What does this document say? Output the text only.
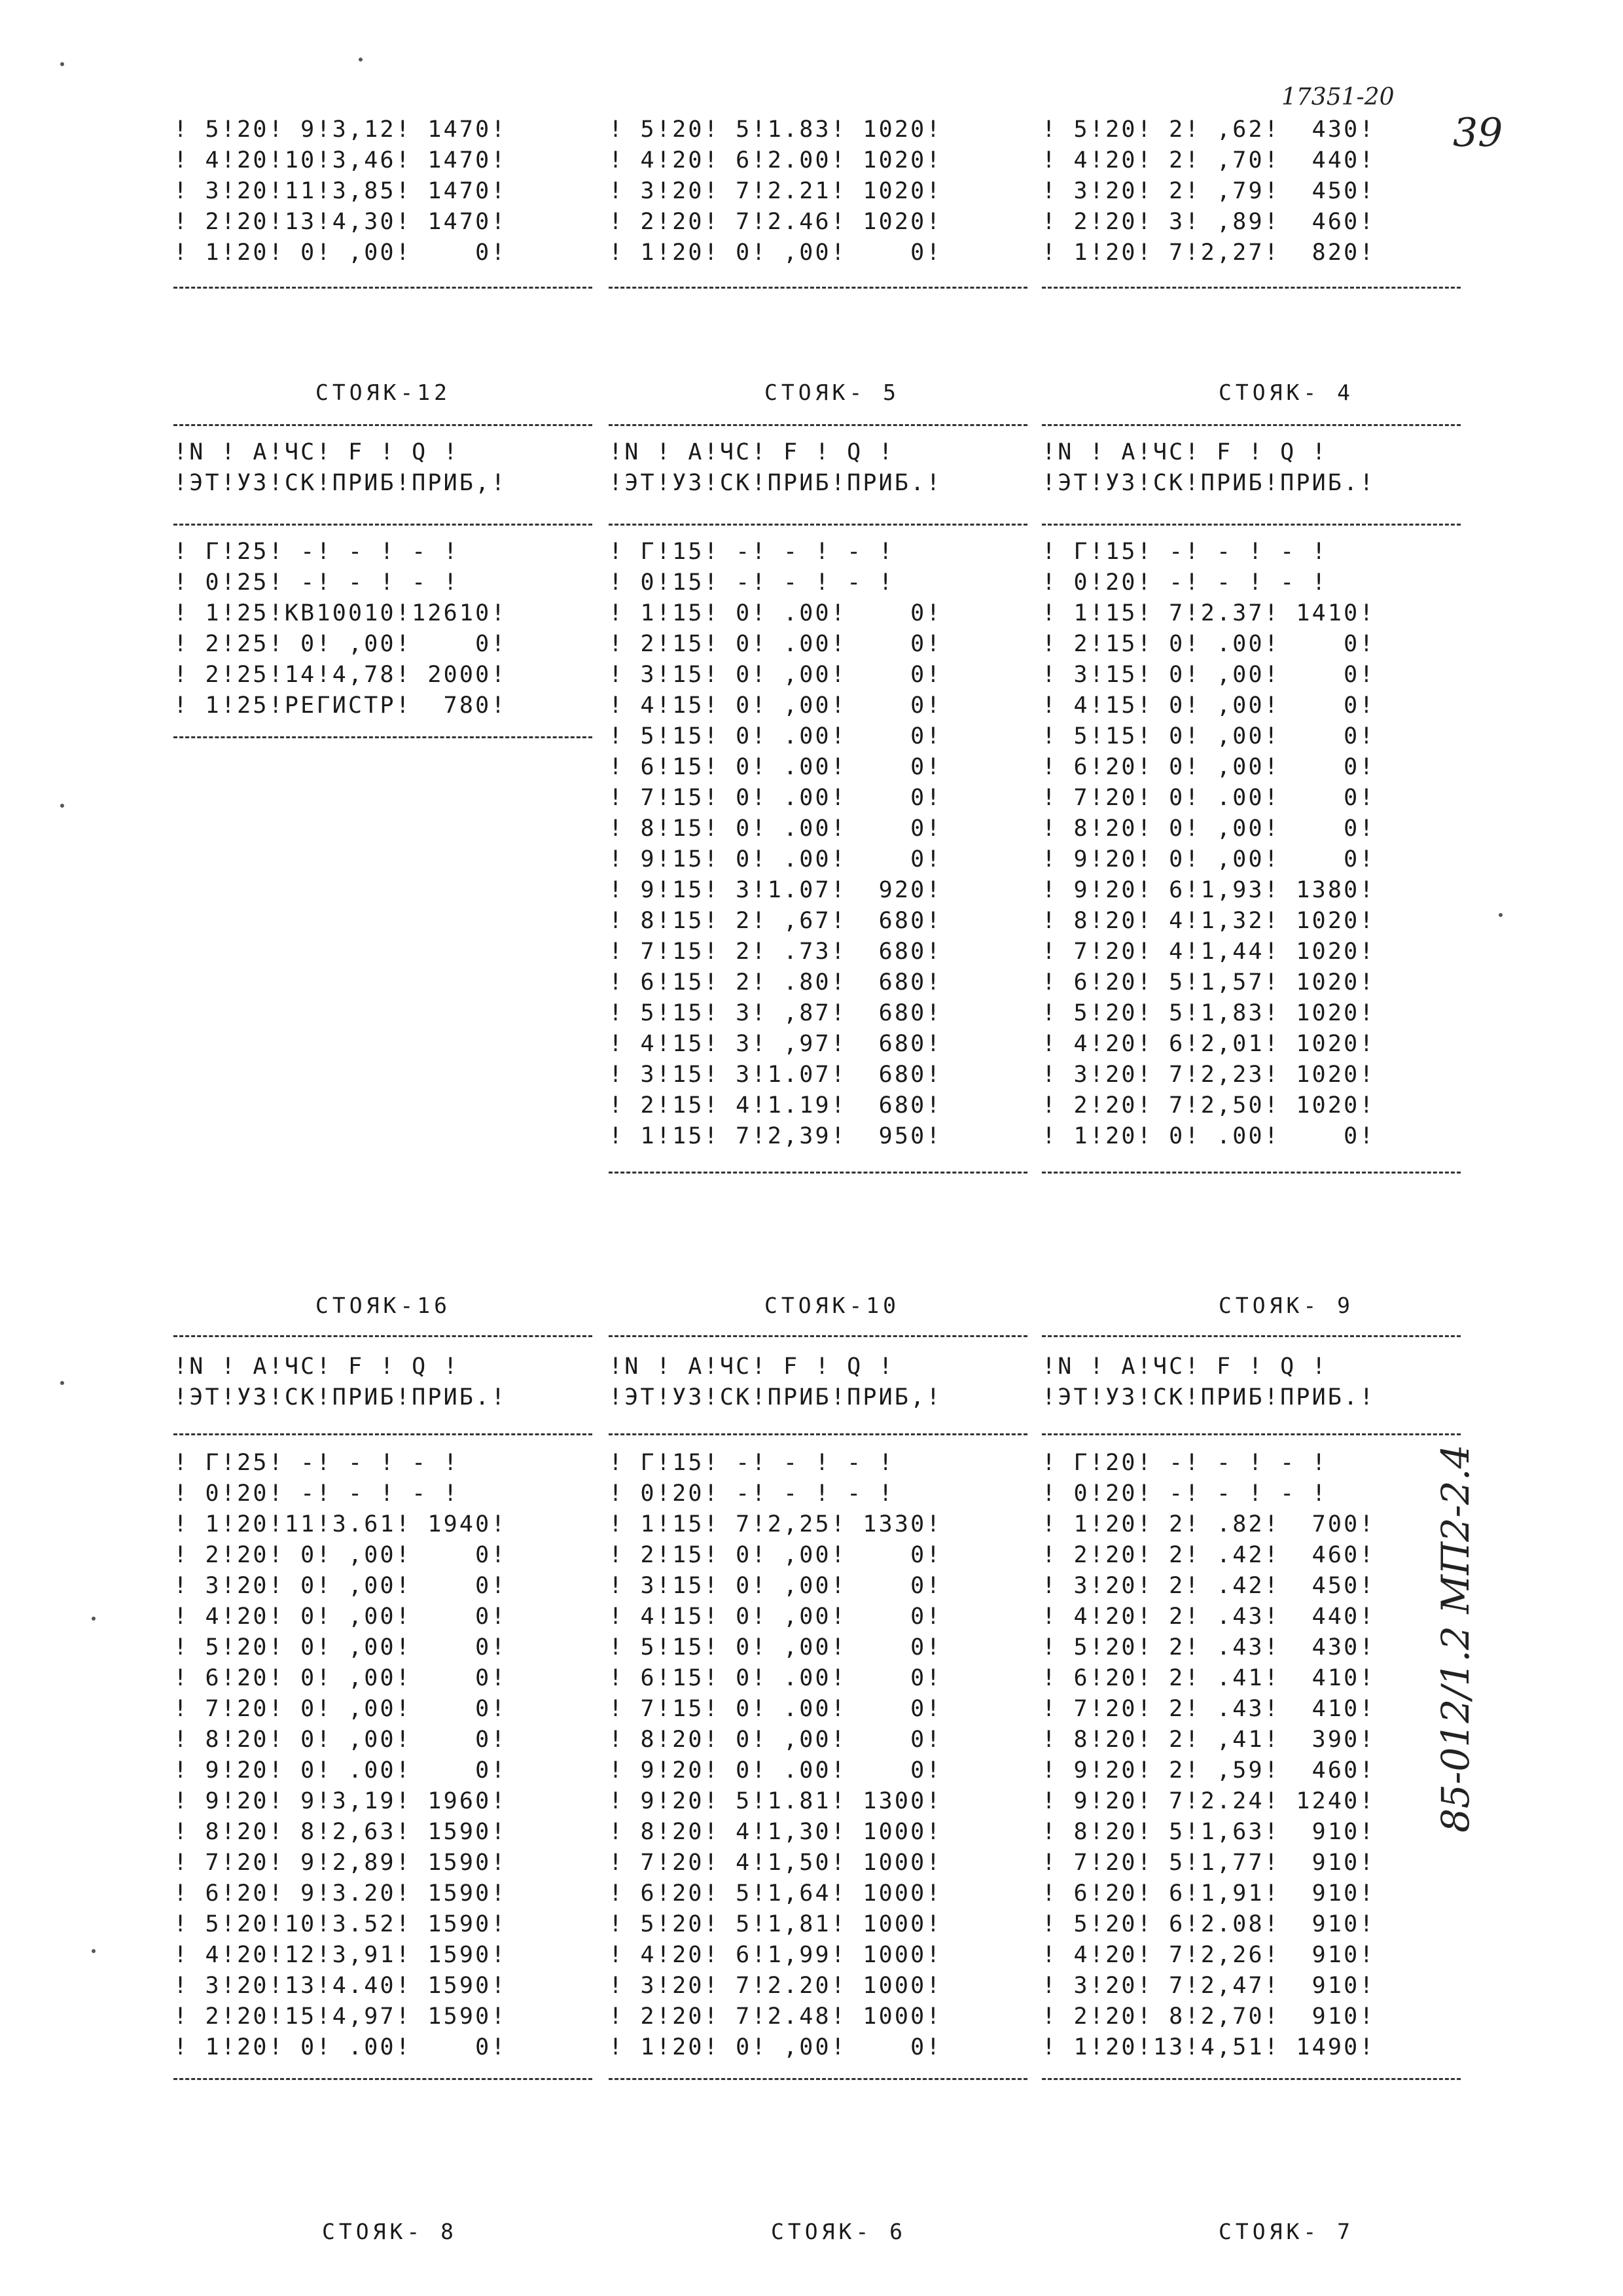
17351-20
39
85-012/1.2 МП2-2.4
! 5!20! 9!3,12! 1470!
! 4!20!10!3,46! 1470!
! 3!20!11!3,85! 1470!
! 2!20!13!4,30! 1470!
! 1!20! 0! ,00!    0!
! 5!20! 5!1.83! 1020!
! 4!20! 6!2.00! 1020!
! 3!20! 7!2.21! 1020!
! 2!20! 7!2.46! 1020!
! 1!20! 0! ,00!    0!
! 5!20! 2! ,62!  430!
! 4!20! 2! ,70!  440!
! 3!20! 2! ,79!  450!
! 2!20! 3! ,89!  460!
! 1!20! 7!2,27!  820!
СТОЯК-12
!N ! А!ЧС! F ! Q !
!ЭТ!УЗ!СК!ПРИБ!ПРИБ,!
! Г!25! -! - ! - !
! 0!25! -! - ! - !
! 1!25!КВ10010!12610!
! 2!25! 0! ,00!    0!
! 2!25!14!4,78! 2000!
! 1!25!РЕГИСТР!  780!
СТОЯК- 5
!N ! А!ЧС! F ! Q !
!ЭТ!УЗ!СК!ПРИБ!ПРИБ.!
! Г!15! -! - ! - !
! 0!15! -! - ! - !
! 1!15! 0! .00!    0!
! 2!15! 0! .00!    0!
! 3!15! 0! ,00!    0!
! 4!15! 0! ,00!    0!
! 5!15! 0! .00!    0!
! 6!15! 0! .00!    0!
! 7!15! 0! .00!    0!
! 8!15! 0! .00!    0!
! 9!15! 0! .00!    0!
! 9!15! 3!1.07!  920!
! 8!15! 2! ,67!  680!
! 7!15! 2! .73!  680!
! 6!15! 2! .80!  680!
! 5!15! 3! ,87!  680!
! 4!15! 3! ,97!  680!
! 3!15! 3!1.07!  680!
! 2!15! 4!1.19!  680!
! 1!15! 7!2,39!  950!
СТОЯК- 4
!N ! А!ЧС! F ! Q !
!ЭТ!УЗ!СК!ПРИБ!ПРИБ.!
! Г!15! -! - ! - !
! 0!20! -! - ! - !
! 1!15! 7!2.37! 1410!
! 2!15! 0! .00!    0!
! 3!15! 0! ,00!    0!
! 4!15! 0! ,00!    0!
! 5!15! 0! ,00!    0!
! 6!20! 0! ,00!    0!
! 7!20! 0! .00!    0!
! 8!20! 0! ,00!    0!
! 9!20! 0! ,00!    0!
! 9!20! 6!1,93! 1380!
! 8!20! 4!1,32! 1020!
! 7!20! 4!1,44! 1020!
! 6!20! 5!1,57! 1020!
! 5!20! 5!1,83! 1020!
! 4!20! 6!2,01! 1020!
! 3!20! 7!2,23! 1020!
! 2!20! 7!2,50! 1020!
! 1!20! 0! .00!    0!
СТОЯК-16
!N ! А!ЧС! F ! Q !
!ЭТ!УЗ!СК!ПРИБ!ПРИБ.!
! Г!25! -! - ! - !
! 0!20! -! - ! - !
! 1!20!11!3.61! 1940!
! 2!20! 0! ,00!    0!
! 3!20! 0! ,00!    0!
! 4!20! 0! ,00!    0!
! 5!20! 0! ,00!    0!
! 6!20! 0! ,00!    0!
! 7!20! 0! ,00!    0!
! 8!20! 0! ,00!    0!
! 9!20! 0! .00!    0!
! 9!20! 9!3,19! 1960!
! 8!20! 8!2,63! 1590!
! 7!20! 9!2,89! 1590!
! 6!20! 9!3.20! 1590!
! 5!20!10!3.52! 1590!
! 4!20!12!3,91! 1590!
! 3!20!13!4.40! 1590!
! 2!20!15!4,97! 1590!
! 1!20! 0! .00!    0!
СТОЯК-10
!N ! А!ЧС! F ! Q !
!ЭТ!УЗ!СК!ПРИБ!ПРИБ,!
! Г!15! -! - ! - !
! 0!20! -! - ! - !
! 1!15! 7!2,25! 1330!
! 2!15! 0! ,00!    0!
! 3!15! 0! ,00!    0!
! 4!15! 0! ,00!    0!
! 5!15! 0! ,00!    0!
! 6!15! 0! .00!    0!
! 7!15! 0! .00!    0!
! 8!20! 0! ,00!    0!
! 9!20! 0! .00!    0!
! 9!20! 5!1.81! 1300!
! 8!20! 4!1,30! 1000!
! 7!20! 4!1,50! 1000!
! 6!20! 5!1,64! 1000!
! 5!20! 5!1,81! 1000!
! 4!20! 6!1,99! 1000!
! 3!20! 7!2.20! 1000!
! 2!20! 7!2.48! 1000!
! 1!20! 0! ,00!    0!
СТОЯК- 9
!N ! А!ЧС! F ! Q !
!ЭТ!УЗ!СК!ПРИБ!ПРИБ.!
! Г!20! -! - ! - !
! 0!20! -! - ! - !
! 1!20! 2! .82!  700!
! 2!20! 2! .42!  460!
! 3!20! 2! .42!  450!
! 4!20! 2! .43!  440!
! 5!20! 2! .43!  430!
! 6!20! 2! .41!  410!
! 7!20! 2! .43!  410!
! 8!20! 2! ,41!  390!
! 9!20! 2! ,59!  460!
! 9!20! 7!2.24! 1240!
! 8!20! 5!1,63!  910!
! 7!20! 5!1,77!  910!
! 6!20! 6!1,91!  910!
! 5!20! 6!2.08!  910!
! 4!20! 7!2,26!  910!
! 3!20! 7!2,47!  910!
! 2!20! 8!2,70!  910!
! 1!20!13!4,51! 1490!
СТОЯК- 8	СТОЯК- 6	СТОЯК- 7
